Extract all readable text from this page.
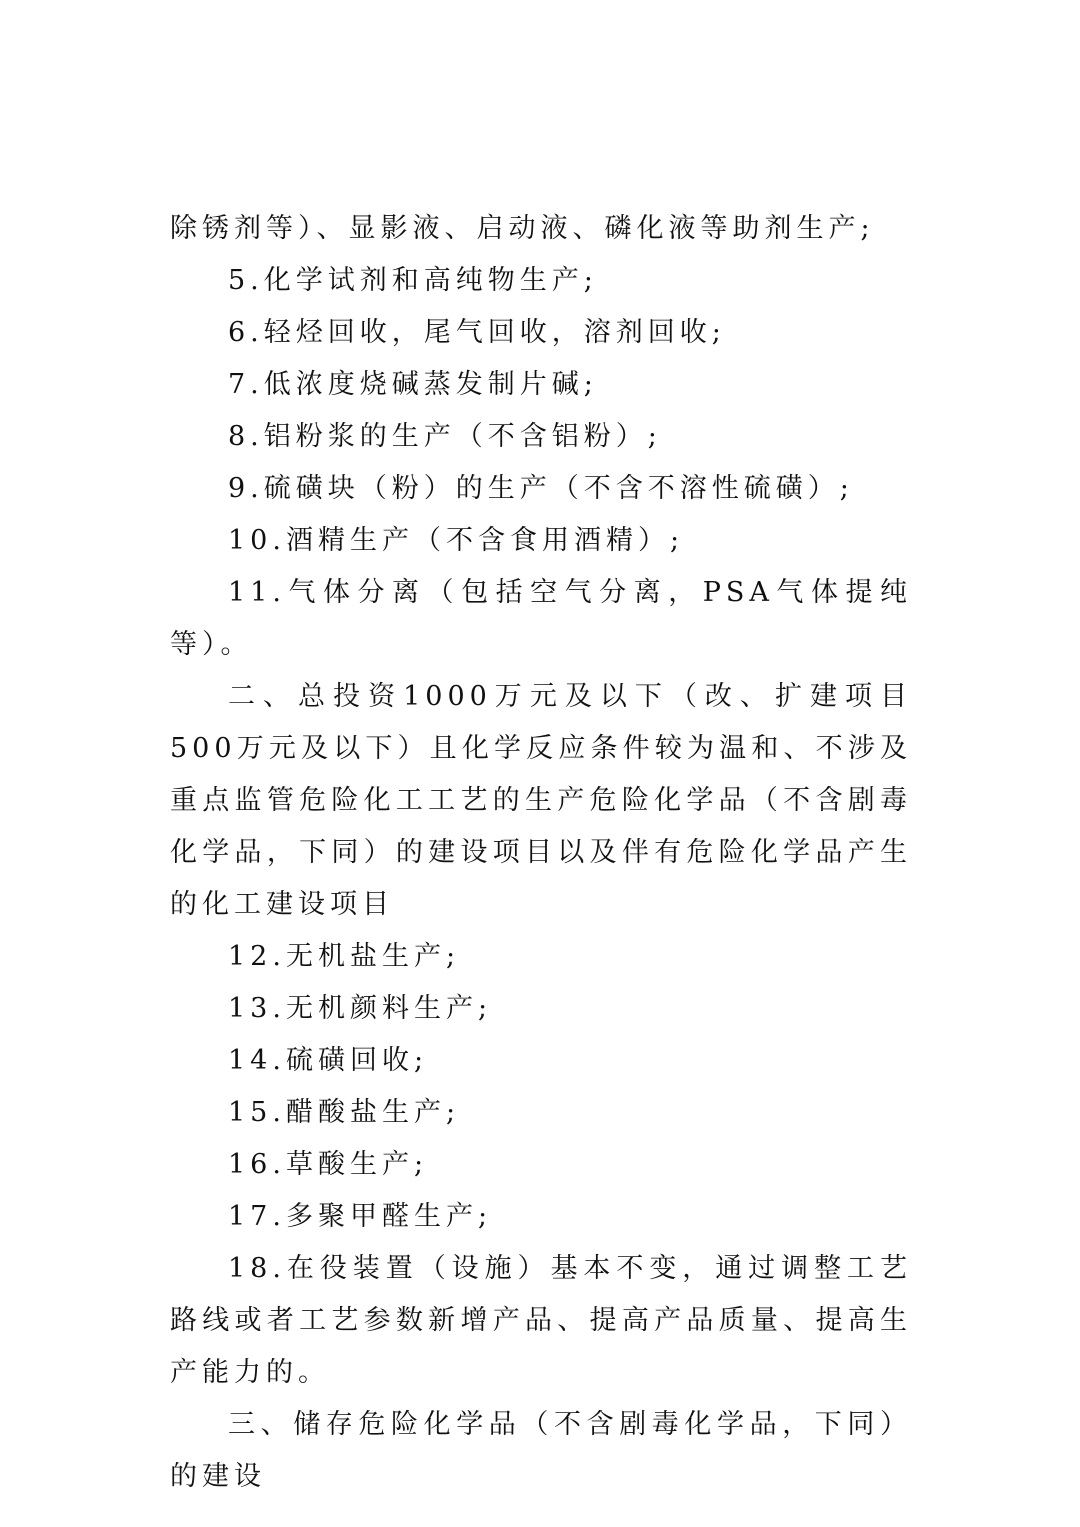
除锈剂等）、显影液、启动液、磷化液等助剂生产;

5.化学试剂和高纯物生产;

6.轻烃回收，尾气回收，溶剂回收;

7.低浓度烧碱蒸发制片碱;

8.铝粉浆的生产（不含铝粉）;

9.硫磺块（粉）的生产（不含不溶性硫磺）;

10.酒精生产（不含食用酒精）;

11.气体分离（包括空气分离，PSA气体提纯等）。

二、总投资1000万元及以下（改、扩建项目500万元及以下）且化学反应条件较为温和、不涉及重点监管危险化工工艺的生产危险化学品（不含剧毒化学品，下同）的建设项目以及伴有危险化学品产生的化工建设项目

12.无机盐生产;

13.无机颜料生产;

14.硫磺回收;

15.醋酸盐生产;

16.草酸生产;

17.多聚甲醛生产;

18.在役装置（设施）基本不变，通过调整工艺路线或者工艺参数新增产品、提高产品质量、提高生产能力的。

三、储存危险化学品（不含剧毒化学品，下同）的建设
